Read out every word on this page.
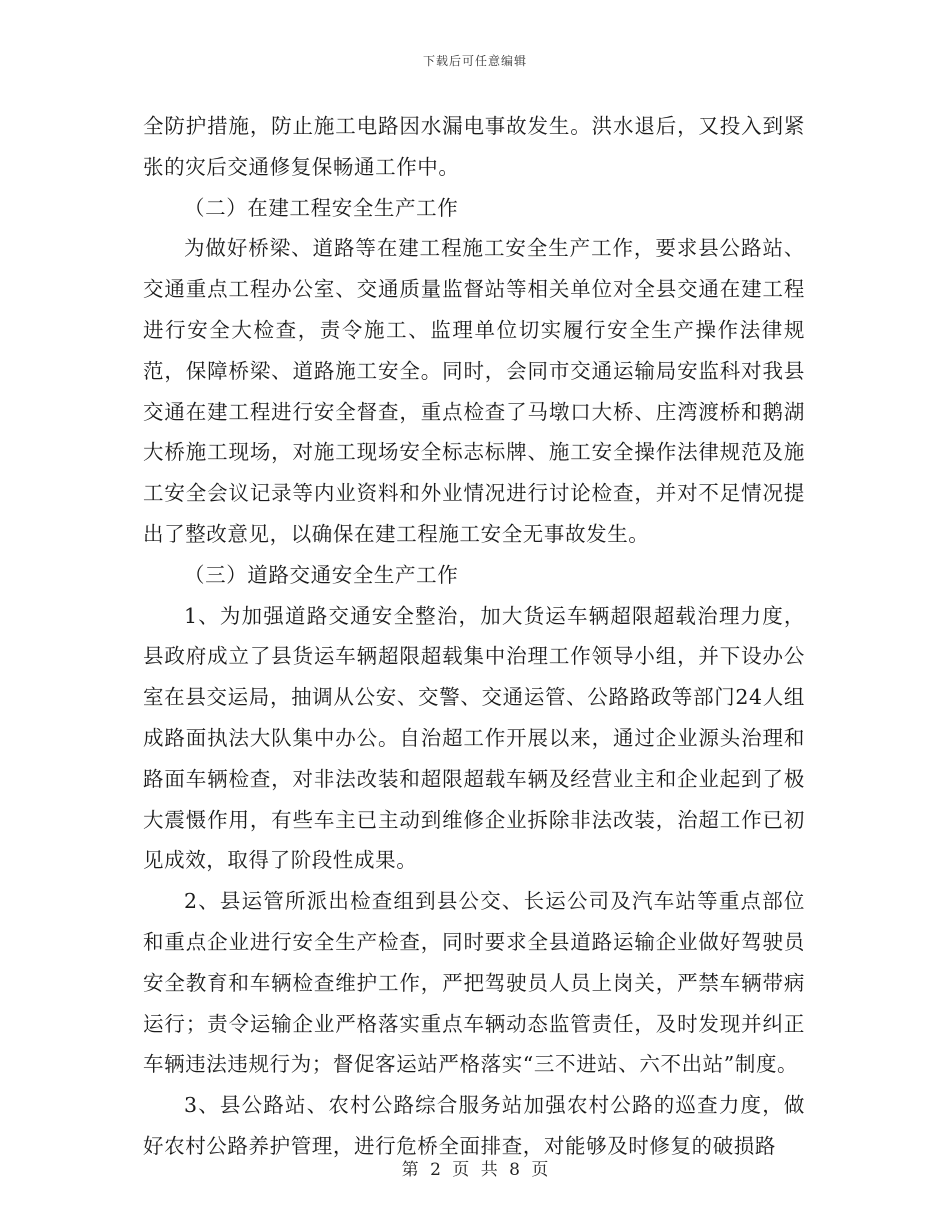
下载后可任意编辑

全防护措施，防止施工电路因水漏电事故发生。洪水退后，又投入到紧张的灾后交通修复保畅通工作中。

（二）在建工程安全生产工作

为做好桥梁、道路等在建工程施工安全生产工作，要求县公路站、交通重点工程办公室、交通质量监督站等相关单位对全县交通在建工程进行安全大检查，责令施工、监理单位切实履行安全生产操作法律规范，保障桥梁、道路施工安全。同时，会同市交通运输局安监科对我县交通在建工程进行安全督查，重点检查了马墩口大桥、庄湾渡桥和鹅湖大桥施工现场，对施工现场安全标志标牌、施工安全操作法律规范及施工安全会议记录等内业资料和外业情况进行讨论检查，并对不足情况提出了整改意见，以确保在建工程施工安全无事故发生。

（三）道路交通安全生产工作

1、为加强道路交通安全整治，加大货运车辆超限超载治理力度，县政府成立了县货运车辆超限超载集中治理工作领导小组，并下设办公室在县交运局，抽调从公安、交警、交通运管、公路路政等部门24人组成路面执法大队集中办公。自治超工作开展以来，通过企业源头治理和路面车辆检查，对非法改装和超限超载车辆及经营业主和企业起到了极大震慑作用，有些车主已主动到维修企业拆除非法改装，治超工作已初见成效，取得了阶段性成果。

2、县运管所派出检查组到县公交、长运公司及汽车站等重点部位和重点企业进行安全生产检查，同时要求全县道路运输企业做好驾驶员安全教育和车辆检查维护工作，严把驾驶员人员上岗关，严禁车辆带病运行；责令运输企业严格落实重点车辆动态监管责任，及时发现并纠正车辆违法违规行为；督促客运站严格落实“三不进站、六不出站”制度。

3、县公路站、农村公路综合服务站加强农村公路的巡查力度，做好农村公路养护管理，进行危桥全面排查，对能够及时修复的破损路

第 2 页 共 8 页
